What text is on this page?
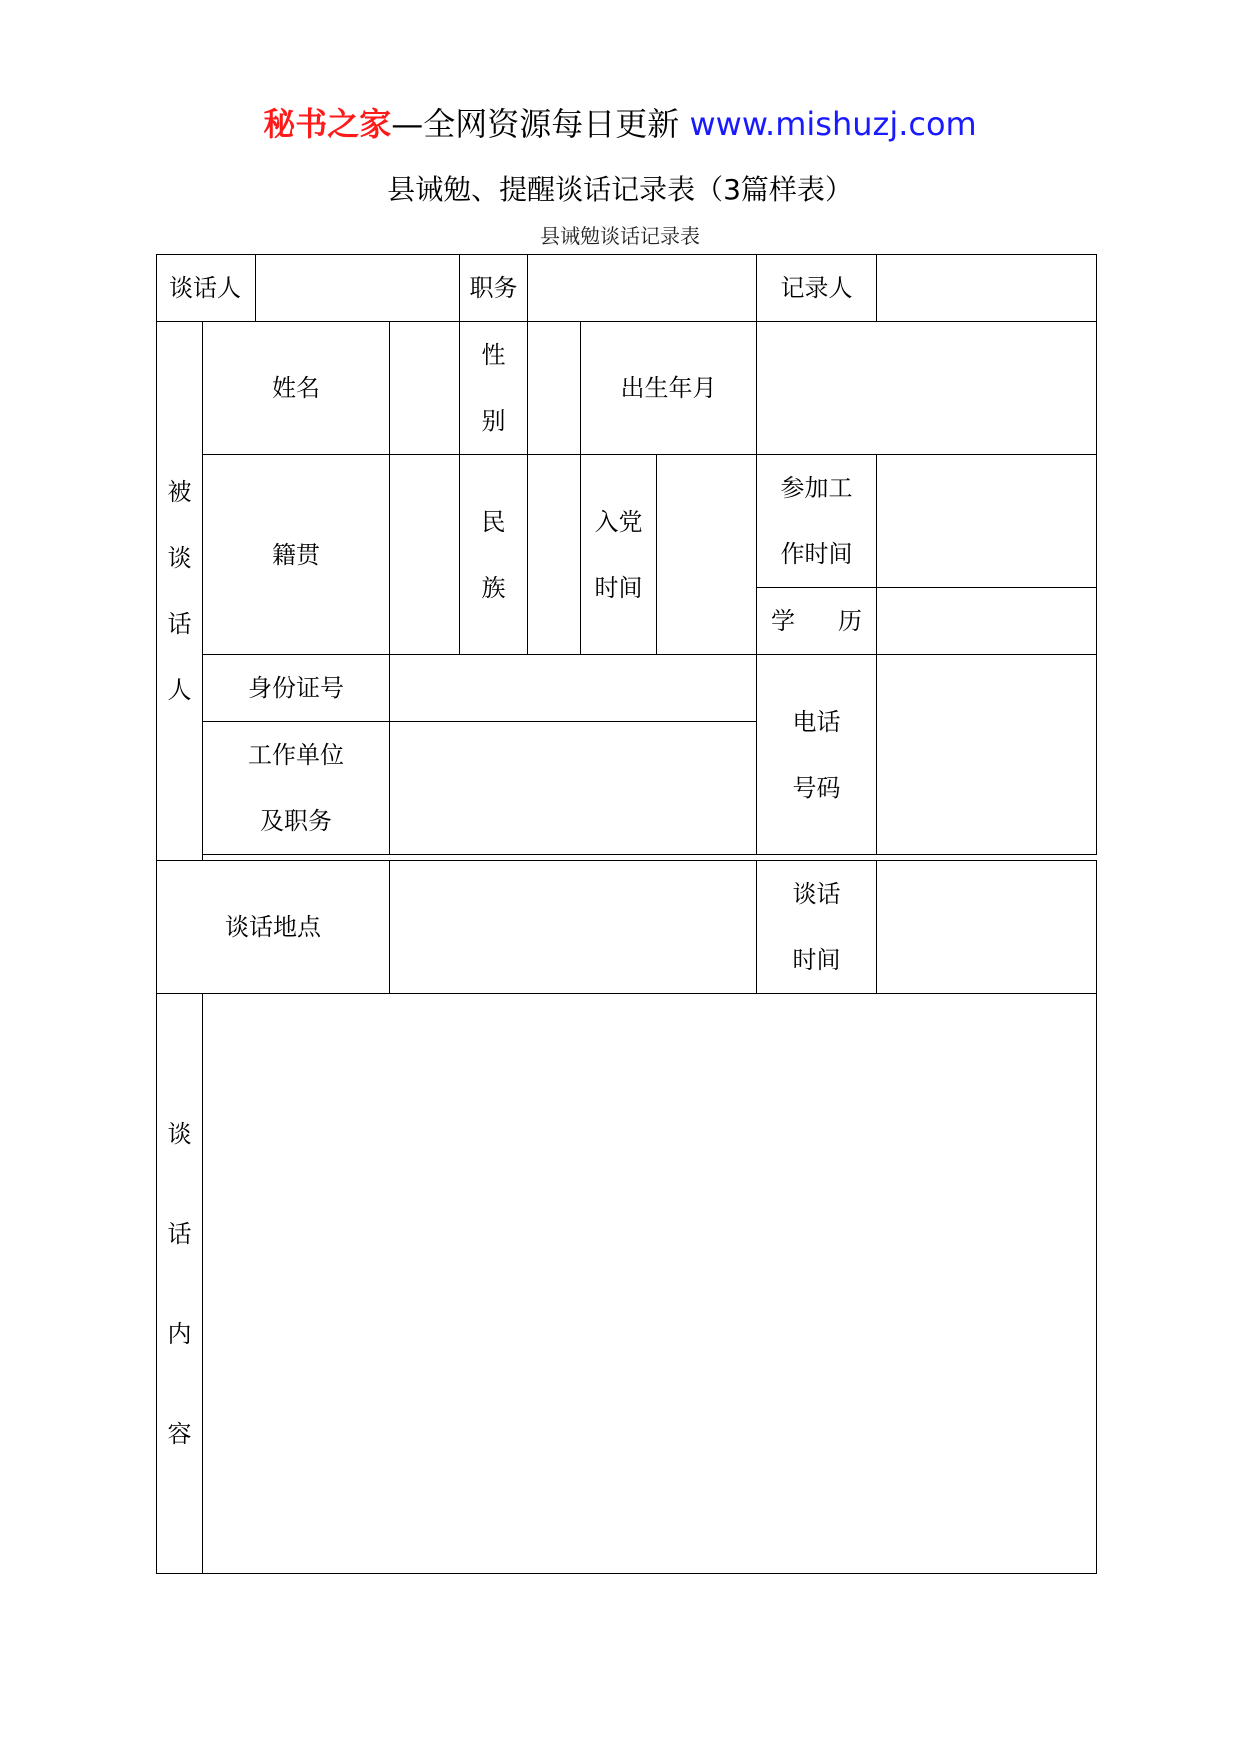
秘书之家—全网资源每日更新 www.mishuzj.com
县诫勉、提醒谈话记录表（3篇样表）
县诫勉谈话记录表
谈话人				职务				记录人	
被谈话人	姓名			性别		出生年月			
	籍贯			民族		入党时间		参加工作时间	
								学历	
	身份证号							电话号码	
	工作单位及职务								

谈话地点								谈话时间	
谈话内容									
